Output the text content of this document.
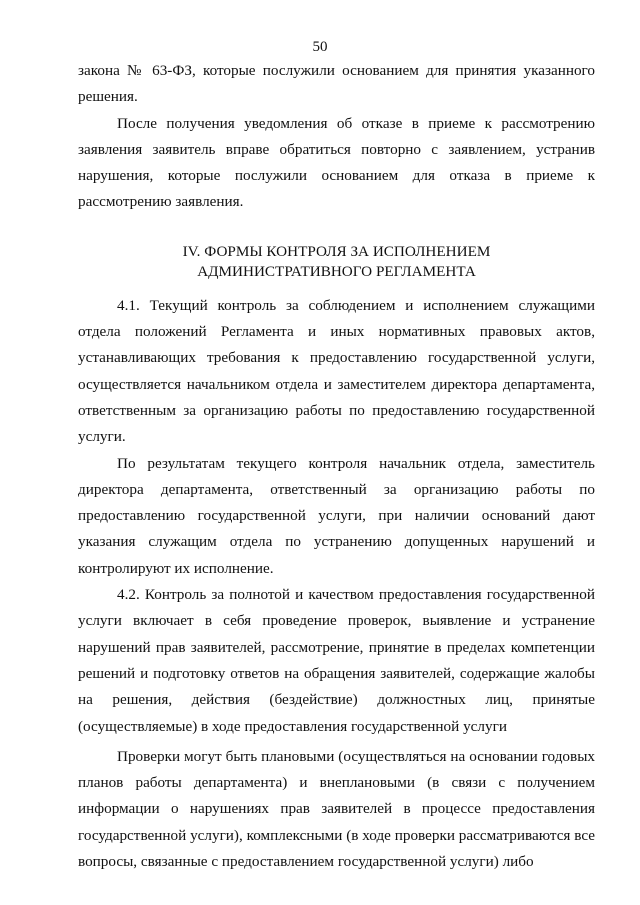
50

закона № 63-ФЗ, которые послужили основанием для принятия указанного решения.

После получения уведомления об отказе в приеме к рассмотрению заявления заявитель вправе обратиться повторно с заявлением, устранив нарушения, которые послужили основанием для отказа в приеме к рассмотрению заявления.

IV. ФОРМЫ КОНТРОЛЯ ЗА ИСПОЛНЕНИЕМ
АДМИНИСТРАТИВНОГО РЕГЛАМЕНТА

4.1. Текущий контроль за соблюдением и исполнением служащими отдела положений Регламента и иных нормативных правовых актов, устанавливающих требования к предоставлению государственной услуги, осуществляется начальником отдела и заместителем директора департамента, ответственным за организацию работы по предоставлению государственной услуги.

По результатам текущего контроля начальник отдела, заместитель директора департамента, ответственный за организацию работы по предоставлению государственной услуги, при наличии оснований дают указания служащим отдела по устранению допущенных нарушений и контролируют их исполнение.

4.2. Контроль за полнотой и качеством предоставления государственной услуги включает в себя проведение проверок, выявление и устранение нарушений прав заявителей, рассмотрение, принятие в пределах компетенции решений и подготовку ответов на обращения заявителей, содержащие жалобы на решения, действия (бездействие) должностных лиц, принятые (осуществляемые) в ходе предоставления государственной услуги

Проверки могут быть плановыми (осуществляться на основании годовых планов работы департамента) и внеплановыми (в связи с получением информации о нарушениях прав заявителей в процессе предоставления государственной услуги), комплексными (в ходе проверки рассматриваются все вопросы, связанные с предоставлением государственной услуги) либо
